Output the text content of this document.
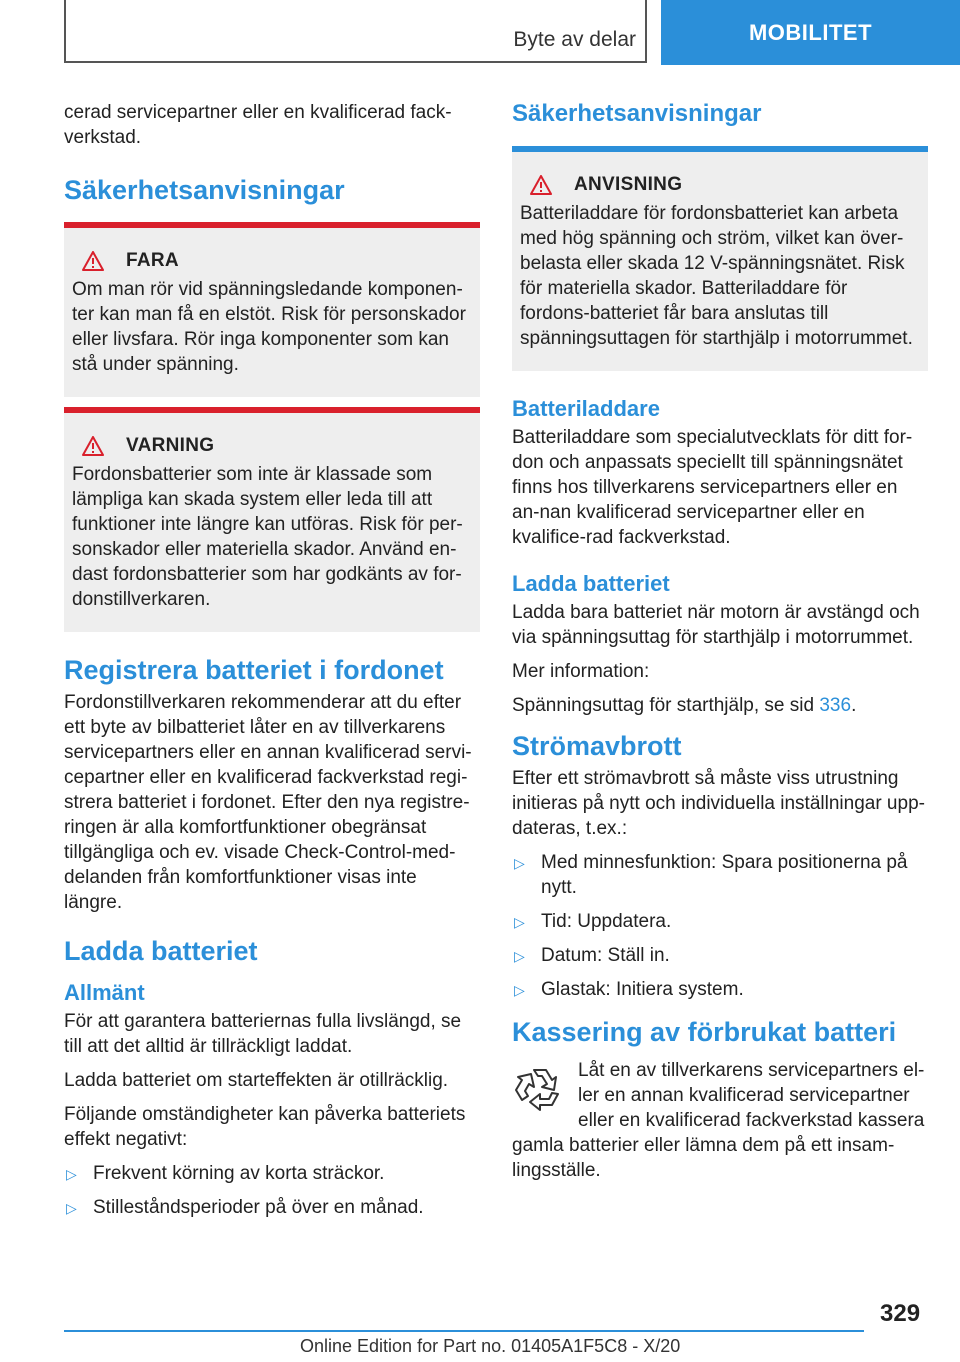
Byte av delar	MOBILITET

cerad servicepartner eller en kvalificerad fack-verkstad.

Säkerhetsanvisningar
FARA
Om man rör vid spänningsledande komponen-ter kan man få en elstöt. Risk för personskador eller livsfara. Rör inga komponenter som kan stå under spänning.
VARNING
Fordonsbatterier som inte är klassade som lämpliga kan skada system eller leda till att funktioner inte längre kan utföras. Risk för per-sonskador eller materiella skador. Använd en-dast fordonsbatterier som har godkänts av for-donstillverkaren.
Registrera batteriet i fordonet

Fordonstillverkaren rekommenderar att du efter ett byte av bilbatteriet låter en av tillverkarens servicepartners eller en annan kvalificerad servi-cepartner eller en kvalificerad fackverkstad regi-strera batteriet i fordonet. Efter den nya registre-ringen är alla komfortfunktioner obegränsat tillgängliga och ev. visade Check-Control-med-delanden från komfortfunktioner visas inte längre.

Ladda batteriet
Allmänt

För att garantera batteriernas fulla livslängd, se till att det alltid är tillräckligt laddat.

Ladda batteriet om starteffekten är otillräcklig.

Följande omständigheter kan påverka batteriets effekt negativt:

▷ Frekvent körning av korta sträckor.
▷ Stilleståndsperioder på över en månad.
Säkerhetsanvisningar
ANVISNING
Batteriladdare för fordonsbatteriet kan arbeta med hög spänning och ström, vilket kan över-belasta eller skada 12 V-spänningsnätet. Risk för materiella skador. Batteriladdare för fordons-batteriet får bara anslutas till spänningsuttagen för starthjälp i motorrummet.
Batteriladdare

Batteriladdare som specialutvecklats för ditt for-don och anpassats speciellt till spänningsnätet finns hos tillverkarens servicepartners eller en an-nan kvalificerad servicepartner eller en kvalifice-rad fackverkstad.

Ladda batteriet

Ladda bara batteriet när motorn är avstängd och via spänningsuttag för starthjälp i motorrummet.

Mer information:

Spänningsuttag för starthjälp, se sid 336.

Strömavbrott

Efter ett strömavbrott så måste viss utrustning initieras på nytt och individuella inställningar upp-dateras, t.ex.:

▷ Med minnesfunktion: Spara positionerna på nytt.
▷ Tid: Uppdatera.
▷ Datum: Ställ in.
▷ Glastak: Initiera system.
Kassering av förbrukat batteri

Låt en av tillverkarens servicepartners el-ler en annan kvalificerad servicepartner eller en kvalificerad fackverkstad kassera gamla batterier eller lämna dem på ett insam-lingsställe.

329
Online Edition for Part no. 01405A1F5C8 - X/20
